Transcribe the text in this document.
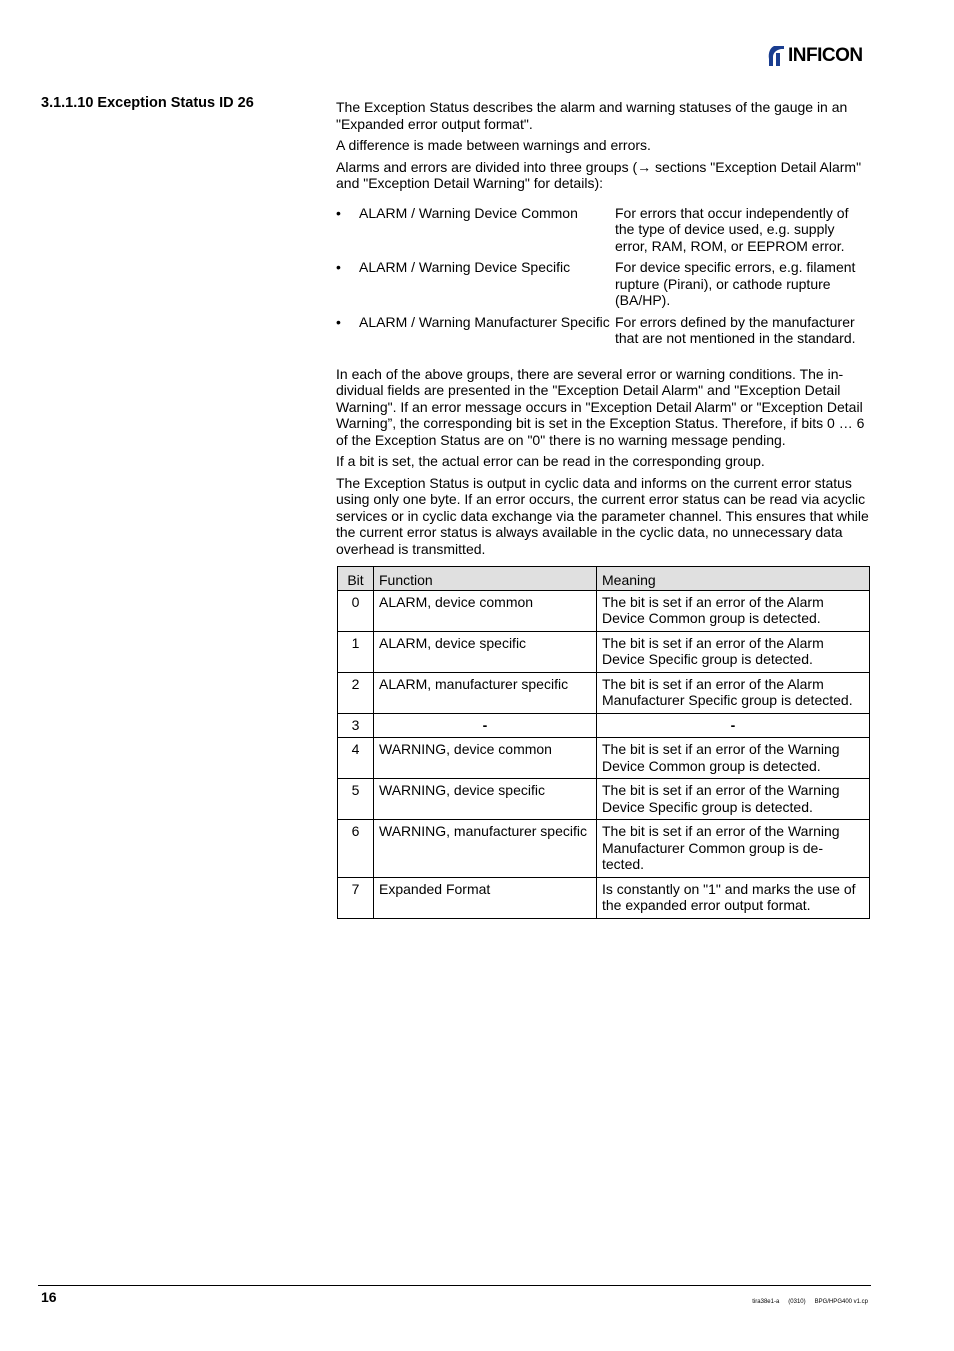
INFICON
3.1.1.10 Exception Status ID 26	The Exception Status describes the alarm and warning statuses of the gauge in an "Expanded error output format".

A difference is made between warnings and errors.

Alarms and errors are divided into three groups (→ sections "Exception Detail Alarm" and "Exception Detail Warning" for details):

•	ALARM / Warning Device Common	For errors that occur independently of the type of device used, e.g. supply error, RAM, ROM, or EEPROM error.
•	ALARM / Warning Device Specific	For device specific errors, e.g. filament rupture (Pirani), or cathode rupture (BA/HP).
•	ALARM / Warning Manufacturer Specific For errors defined by the manufacturer that are not mentioned in the standard.

In each of the above groups, there are several error or warning conditions. The in-dividual fields are presented in the "Exception Detail Alarm" and "Exception Detail Warning". If an error message occurs in "Exception Detail Alarm" or "Exception Detail Warning”, the corresponding bit is set in the Exception Status. Therefore, if bits 0 … 6 of the Exception Status are on "0" there is no warning message pending.

If a bit is set, the actual error can be read in the corresponding group.

The Exception Status is output in cyclic data and informs on the current error status using only one byte. If an error occurs, the current error status can be read via acyclic services or in cyclic data exchange via the parameter channel. This ensures that while the current error status is always available in the cyclic data, no unnecessary data overhead is transmitted.

Bit	Function	Meaning
0	ALARM, device common	The bit is set if an error of the Alarm Device Common group is detected.
1	ALARM, device specific	The bit is set if an error of the Alarm Device Specific group is detected.
2	ALARM, manufacturer specific	The bit is set if an error of the Alarm Manufacturer Specific group is detected.
3	-	-
4	WARNING, device common	The bit is set if an error of the Warning Device Common group is detected.
5	WARNING, device specific	The bit is set if an error of the Warning Device Specific group is detected.
6	WARNING, manufacturer specific	The bit is set if an error of the Warning Manufacturer Common group is de-tected.
7	Expanded Format	Is constantly on "1" and marks the use of the expanded error output format.
16	tira38e1-a (0310) BPG/HPG400 v1.cp
